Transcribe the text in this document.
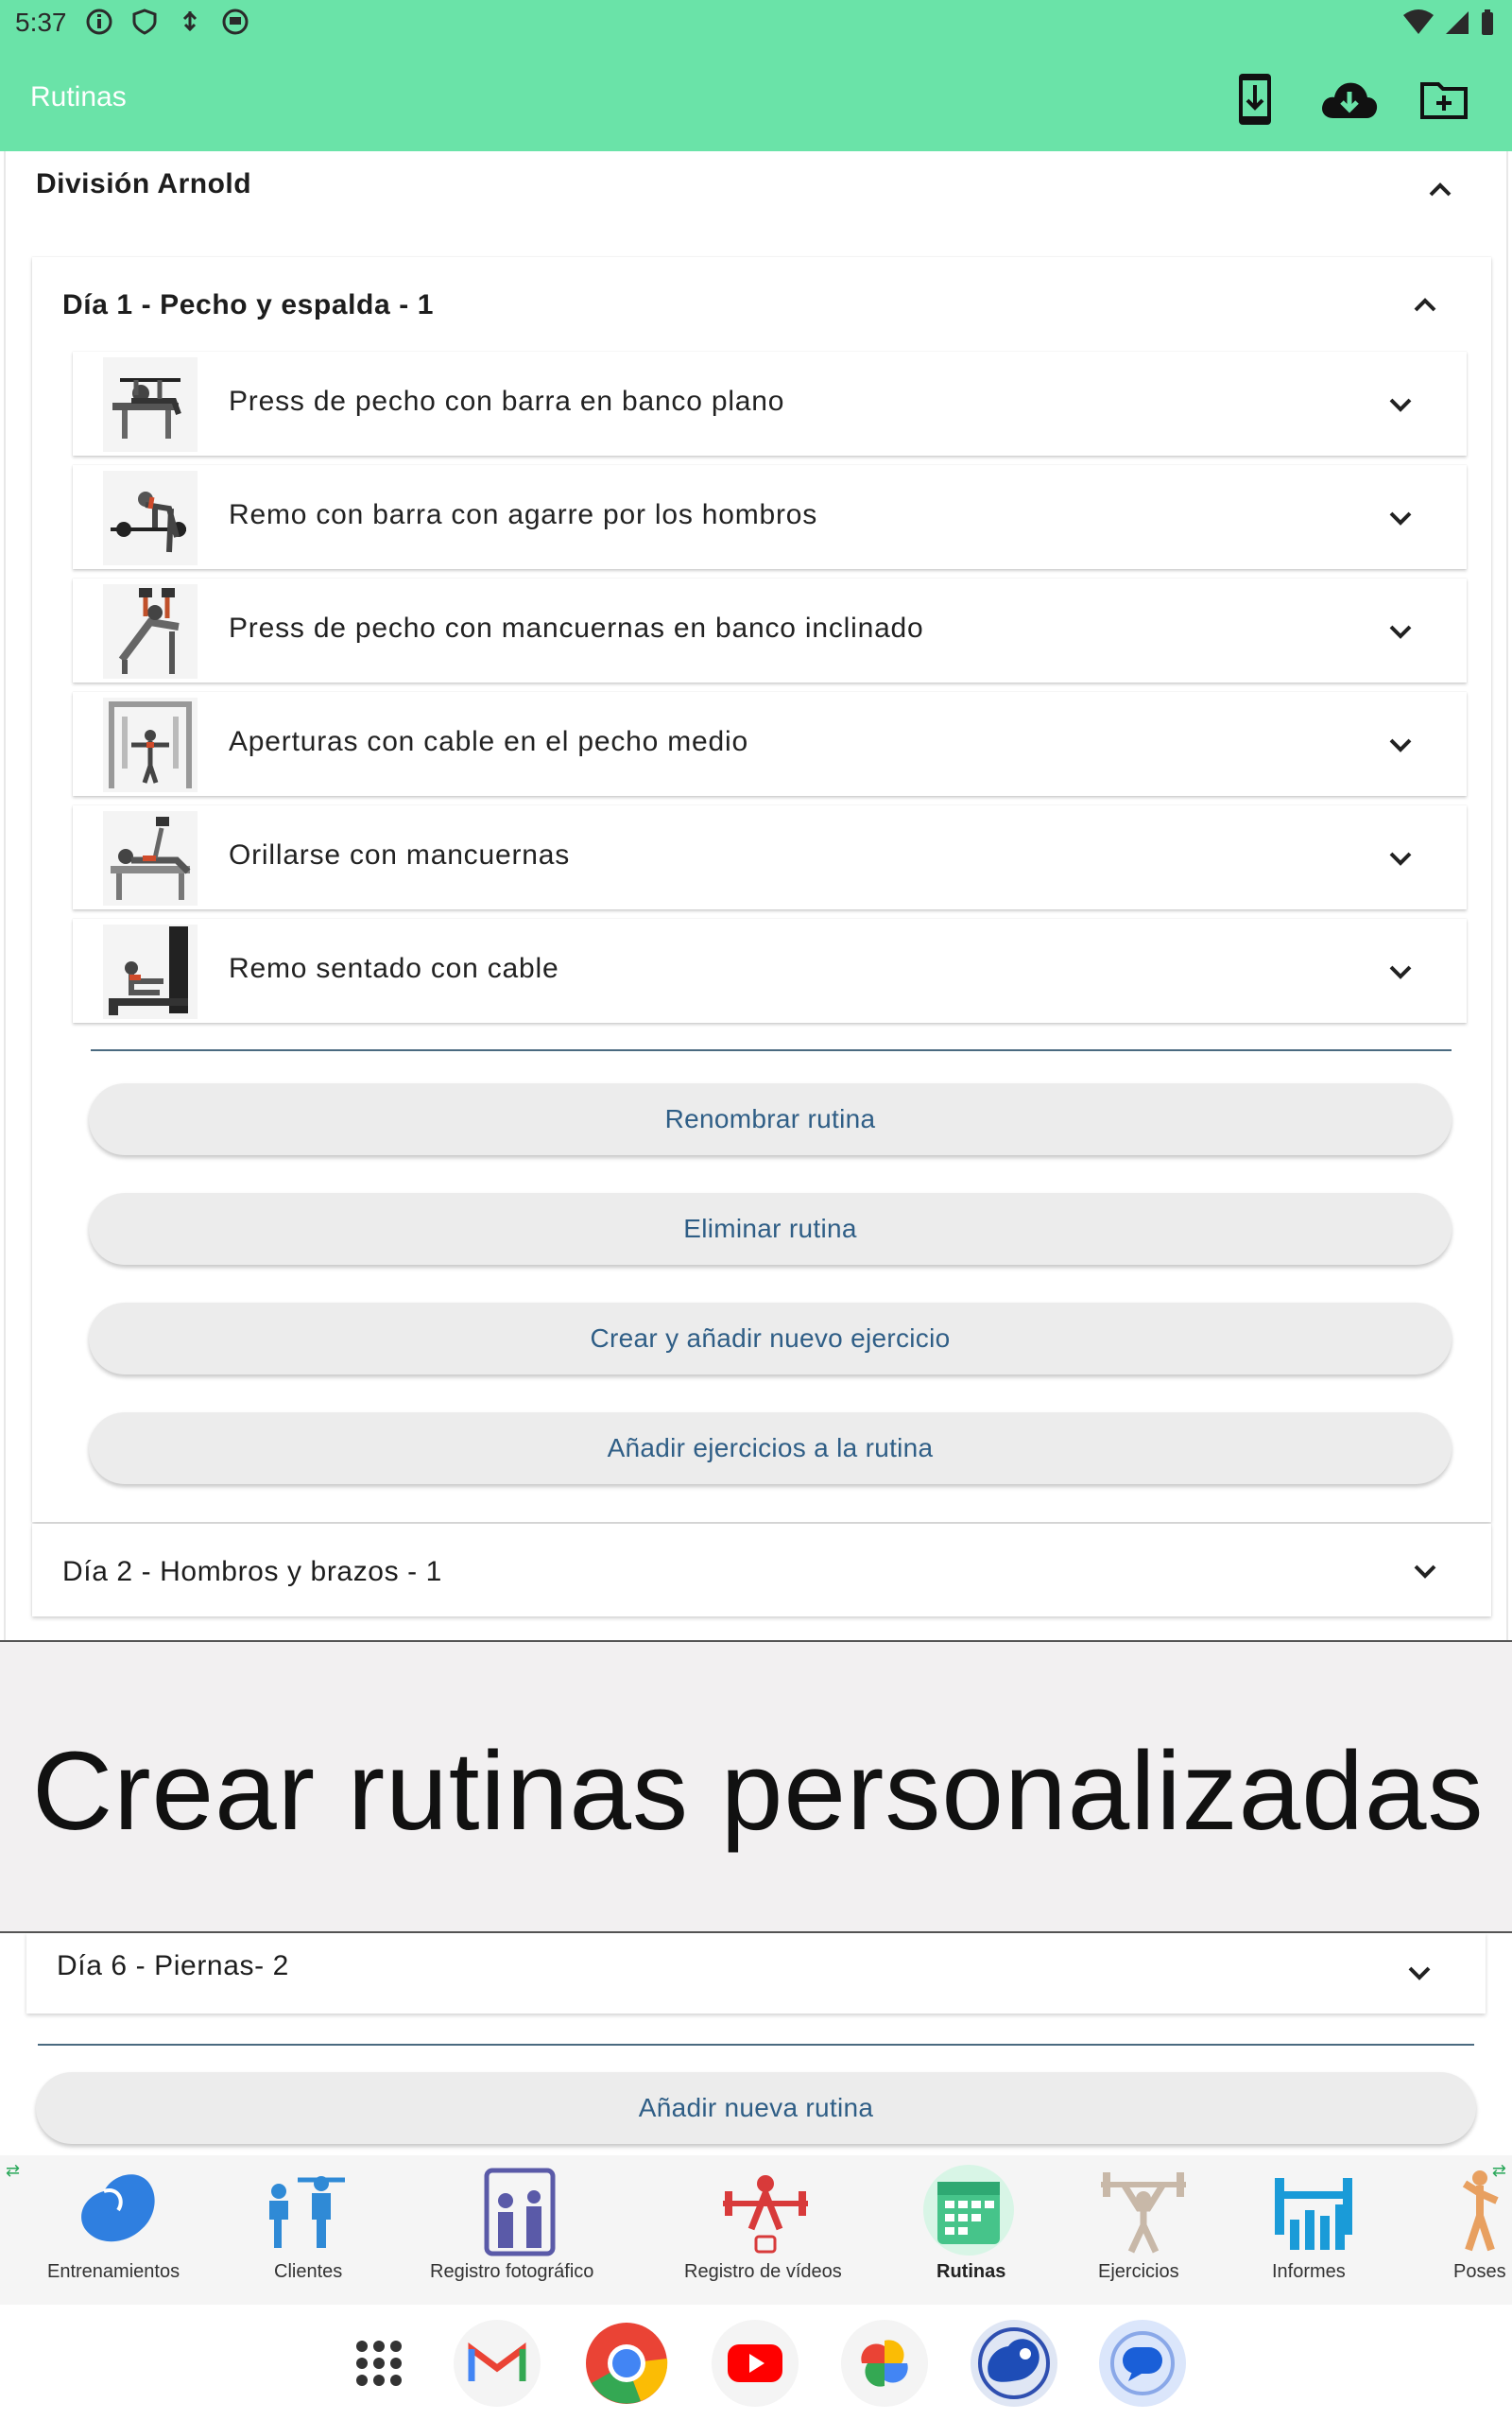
5:37
Rutinas
División Arnold
Día 1 - Pecho y espalda - 1
Press de pecho con barra en banco plano
Remo con barra con agarre por los hombros
Press de pecho con mancuernas en banco inclinado
Aperturas con cable en el pecho medio
Orillarse con mancuernas
Remo sentado con cable
Renombrar rutina
Eliminar rutina
Crear y añadir nuevo ejercicio
Añadir ejercicios a la rutina
Día 2 - Hombros y brazos - 1
Crear rutinas personalizadas
Día 6 - Piernas- 2
Añadir nueva rutina
⇄	⇄
Entrenamientos	Clientes	Registro fotográfico	Registro de vídeos	Rutinas	Ejercicios	Informes	Poses
